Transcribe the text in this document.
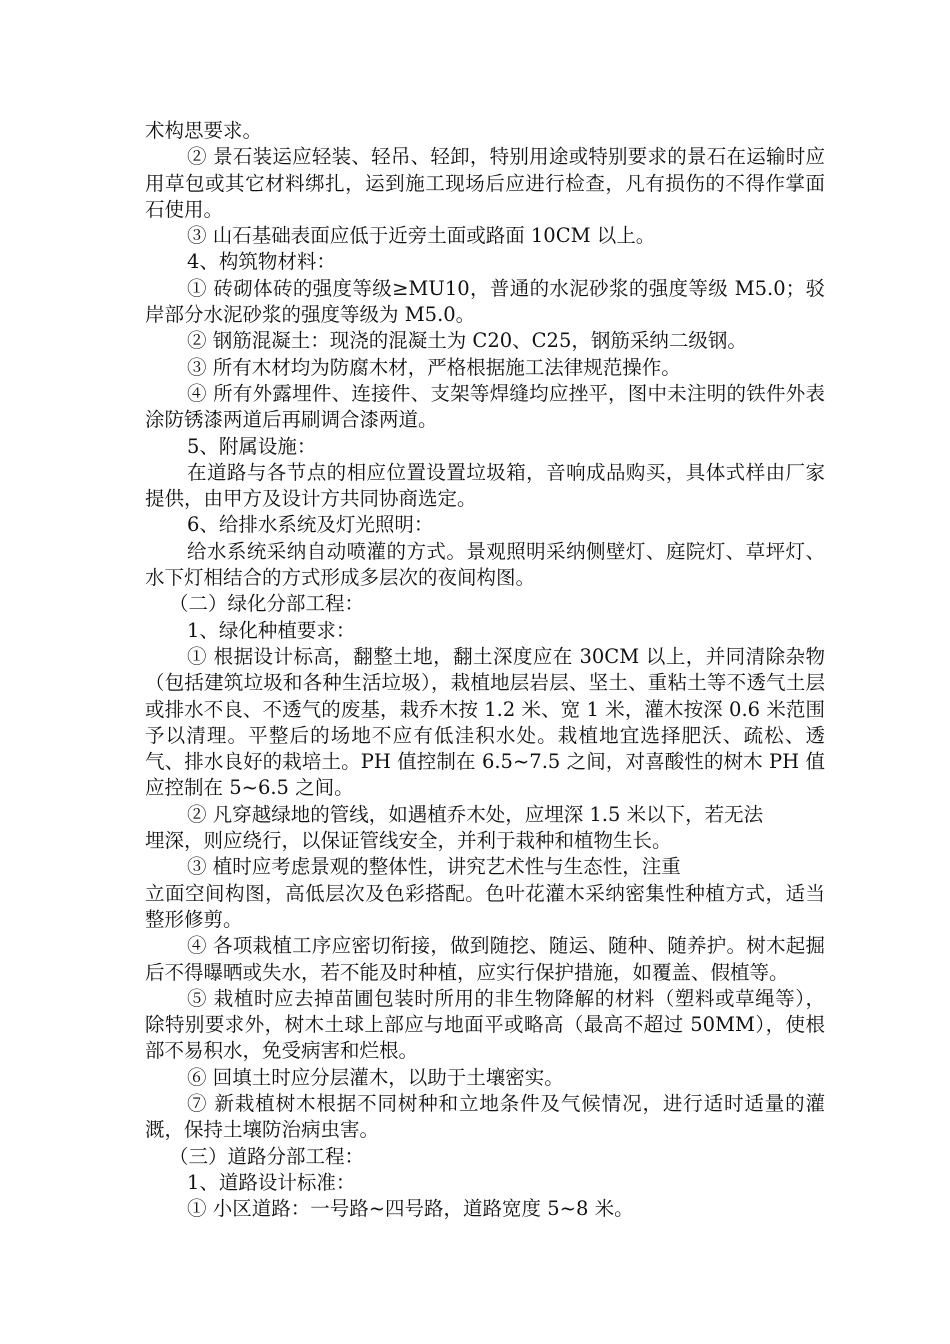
术构思要求。

② 景石装运应轻装、轻吊、轻卸，特别用途或特别要求的景石在运输时应用草包或其它材料绑扎，运到施工现场后应进行检查，凡有损伤的不得作掌面石使用。

③ 山石基础表面应低于近旁土面或路面 10CM 以上。

4、构筑物材料：

① 砖砌体砖的强度等级≥MU10，普通的水泥砂浆的强度等级 M5.0；驳岸部分水泥砂浆的强度等级为 M5.0。

② 钢筋混凝土：现浇的混凝土为 C20、C25，钢筋采纳二级钢。

③ 所有木材均为防腐木材，严格根据施工法律规范操作。

④ 所有外露埋件、连接件、支架等焊缝均应挫平，图中未注明的铁件外表涂防锈漆两道后再刷调合漆两道。

5、附属设施：

在道路与各节点的相应位置设置垃圾箱，音响成品购买，具体式样由厂家提供，由甲方及设计方共同协商选定。

6、给排水系统及灯光照明：

给水系统采纳自动喷灌的方式。景观照明采纳侧壁灯、庭院灯、草坪灯、水下灯相结合的方式形成多层次的夜间构图。

（二）绿化分部工程：

1、绿化种植要求：

① 根据设计标高，翻整土地，翻土深度应在 30CM 以上，并同清除杂物（包括建筑垃圾和各种生活垃圾），栽植地层岩层、坚土、重粘土等不透气土层或排水不良、不透气的废基，栽乔木按 1.2 米、宽 1 米，灌木按深 0.6 米范围予以清理。平整后的场地不应有低洼积水处。栽植地宜选择肥沃、疏松、透气、排水良好的栽培土。PH 值控制在 6.5~7.5 之间，对喜酸性的树木 PH 值应控制在 5~6.5 之间。

② 凡穿越绿地的管线，如遇植乔木处，应埋深 1.5 米以下，若无法

埋深，则应绕行，以保证管线安全，并利于栽种和植物生长。

③ 植时应考虑景观的整体性，讲究艺术性与生态性，注重

立面空间构图，高低层次及色彩搭配。色叶花灌木采纳密集性种植方式，适当整形修剪。

④ 各项栽植工序应密切衔接，做到随挖、随运、随种、随养护。树木起掘后不得曝晒或失水，若不能及时种植，应实行保护措施，如覆盖、假植等。

⑤ 栽植时应去掉苗圃包装时所用的非生物降解的材料（塑料或草绳等），除特别要求外，树木土球上部应与地面平或略高（最高不超过 50MM），使根部不易积水，免受病害和烂根。

⑥ 回填土时应分层灌木，以助于土壤密实。

⑦ 新栽植树木根据不同树种和立地条件及气候情况，进行适时适量的灌溉，保持土壤防治病虫害。

（三）道路分部工程：

1、道路设计标准：

① 小区道路：一号路~四号路，道路宽度 5~8 米。
